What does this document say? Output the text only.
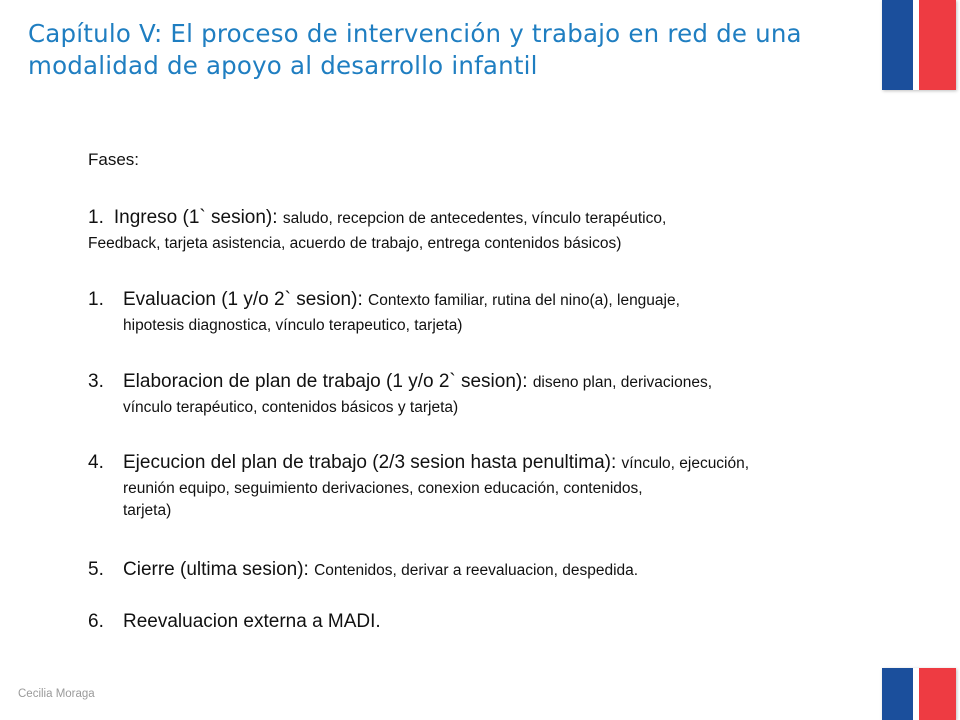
Capítulo V: El proceso de intervención y trabajo en red de una
modalidad de apoyo al desarrollo infantil
Fases:
1. Ingreso (1` sesion): saludo, recepcion de antecedentes, vínculo terapéutico,
Feedback, tarjeta asistencia, acuerdo de trabajo, entrega contenidos básicos)
1. Evaluacion (1 y/o 2` sesion): Contexto familiar, rutina del nino(a), lenguaje,
hipotesis diagnostica, vínculo terapeutico, tarjeta)
3. Elaboracion de plan de trabajo (1 y/o 2` sesion): diseno plan, derivaciones,
vínculo terapéutico, contenidos básicos y tarjeta)
4. Ejecucion del plan de trabajo (2/3 sesion hasta penultima): vínculo, ejecución,
reunión equipo, seguimiento derivaciones, conexion educación, contenidos,
tarjeta)
5. Cierre (ultima sesion): Contenidos, derivar a reevaluacion, despedida.
6. Reevaluacion externa a MADI.
Cecilia Moraga
